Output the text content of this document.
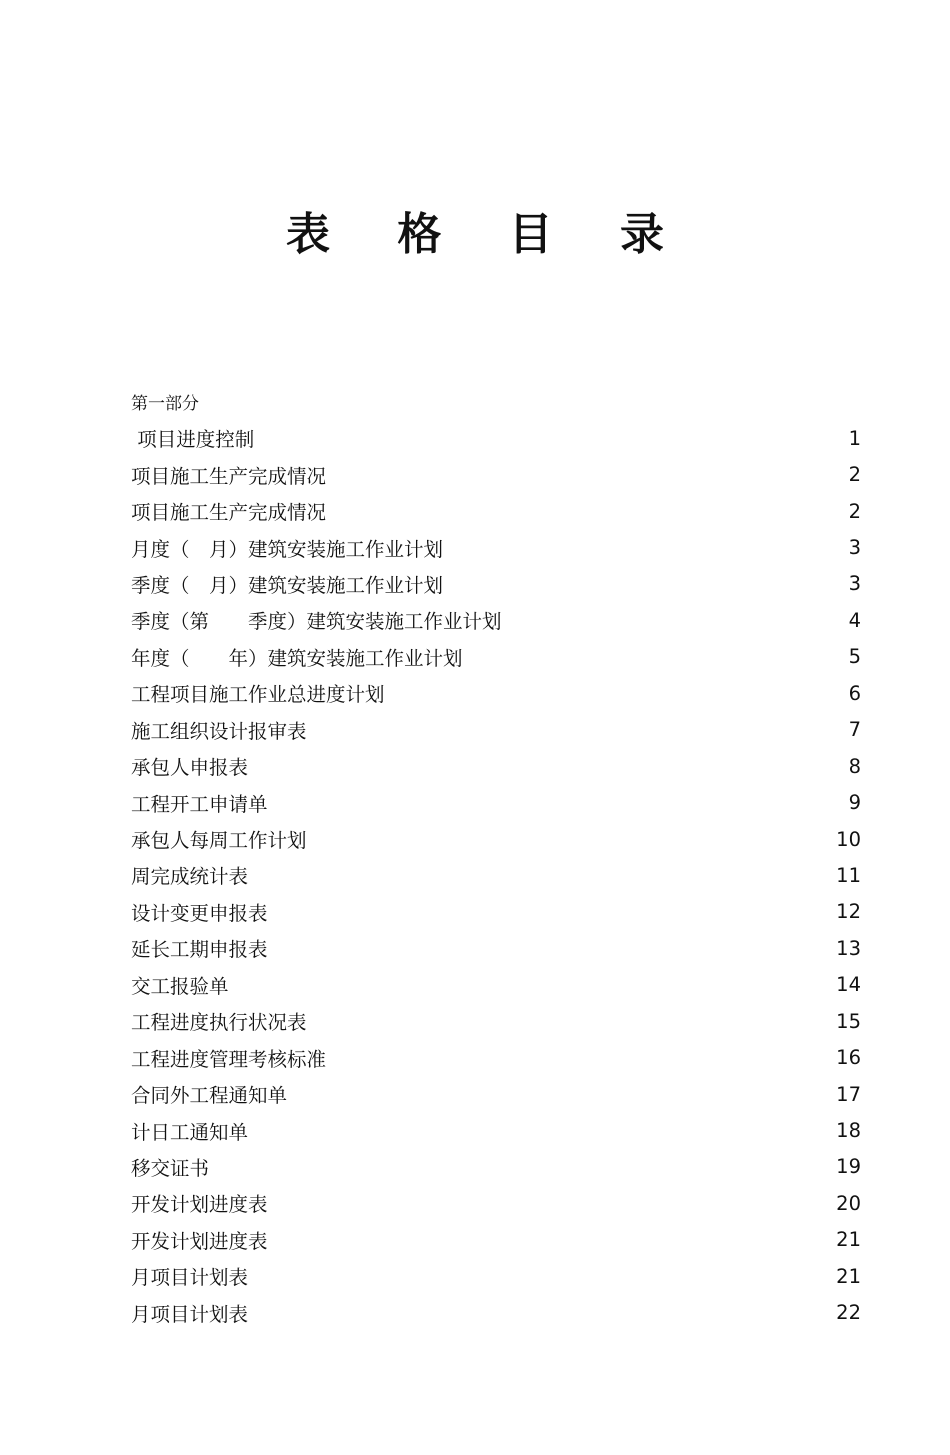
表 格 目 录
第一部分
项目进度控制	1
项目施工生产完成情况	2
项目施工生产完成情况	2
月度（　月）建筑安装施工作业计划	3
季度（　月）建筑安装施工作业计划	3
季度（第　　季度）建筑安装施工作业计划	4
年度（　　年）建筑安装施工作业计划	5
工程项目施工作业总进度计划	6
施工组织设计报审表	7
承包人申报表	8
工程开工申请单	9
承包人每周工作计划	10
周完成统计表	11
设计变更申报表	12
延长工期申报表	13
交工报验单	14
工程进度执行状况表	15
工程进度管理考核标准	16
合同外工程通知单	17
计日工通知单	18
移交证书	19
开发计划进度表	20
开发计划进度表	21
月项目计划表	21
月项目计划表	22
